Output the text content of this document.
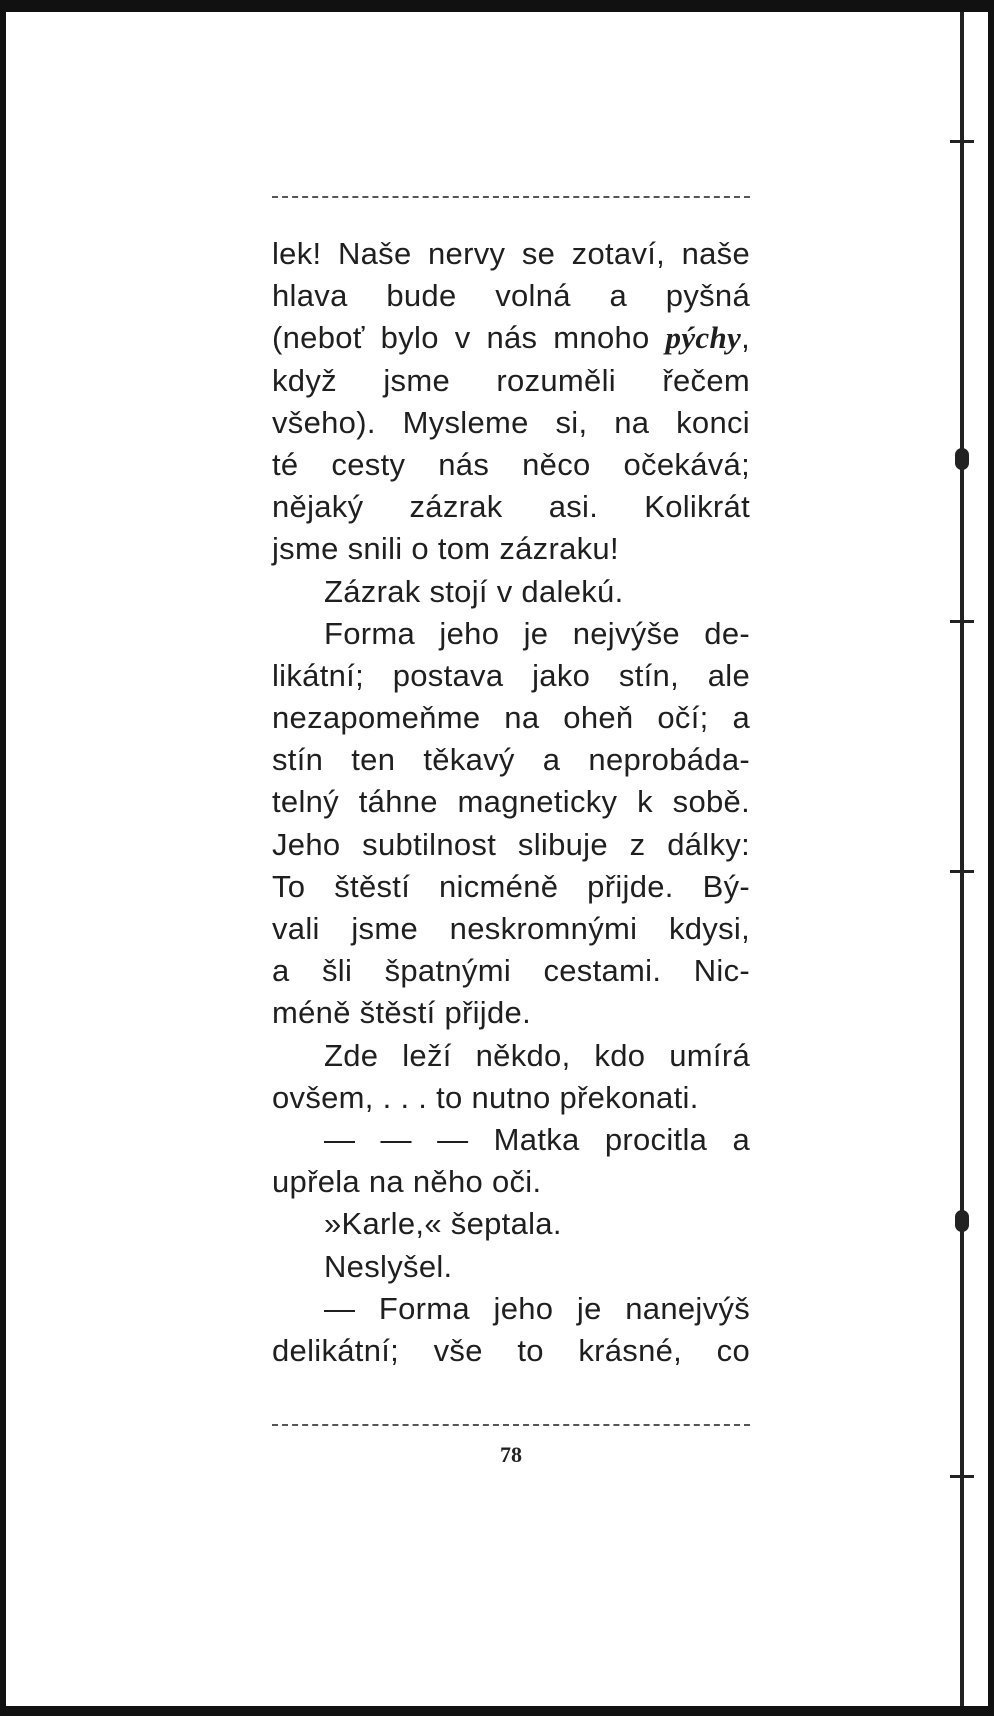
lek! Naše nervy se zotaví, naše
hlava bude volná a pyšná
(neboť bylo v nás mnoho pýchy,
když jsme rozuměli řečem
všeho). Mysleme si, na konci
té cesty nás něco očekává;
nějaký zázrak asi. Kolikrát
jsme snili o tom zázraku!
Zázrak stojí v dalekú.
Forma jeho je nejvýše de-
likátní; postava jako stín, ale
nezapomeňme na oheň očí; a
stín ten těkavý a neprobáda-
telný táhne magneticky k sobě.
Jeho subtilnost slibuje z dálky:
To štěstí nicméně přijde. Bý-
vali jsme neskromnými kdysi,
a šli špatnými cestami. Nic-
méně štěstí přijde.
Zde leží někdo, kdo umírá
ovšem, . . . to nutno překonati.
— — — Matka procitla a
upřela na něho oči.
»Karle,« šeptala.
Neslyšel.
— Forma jeho je nanejvýš
delikátní; vše to krásné, co
78
